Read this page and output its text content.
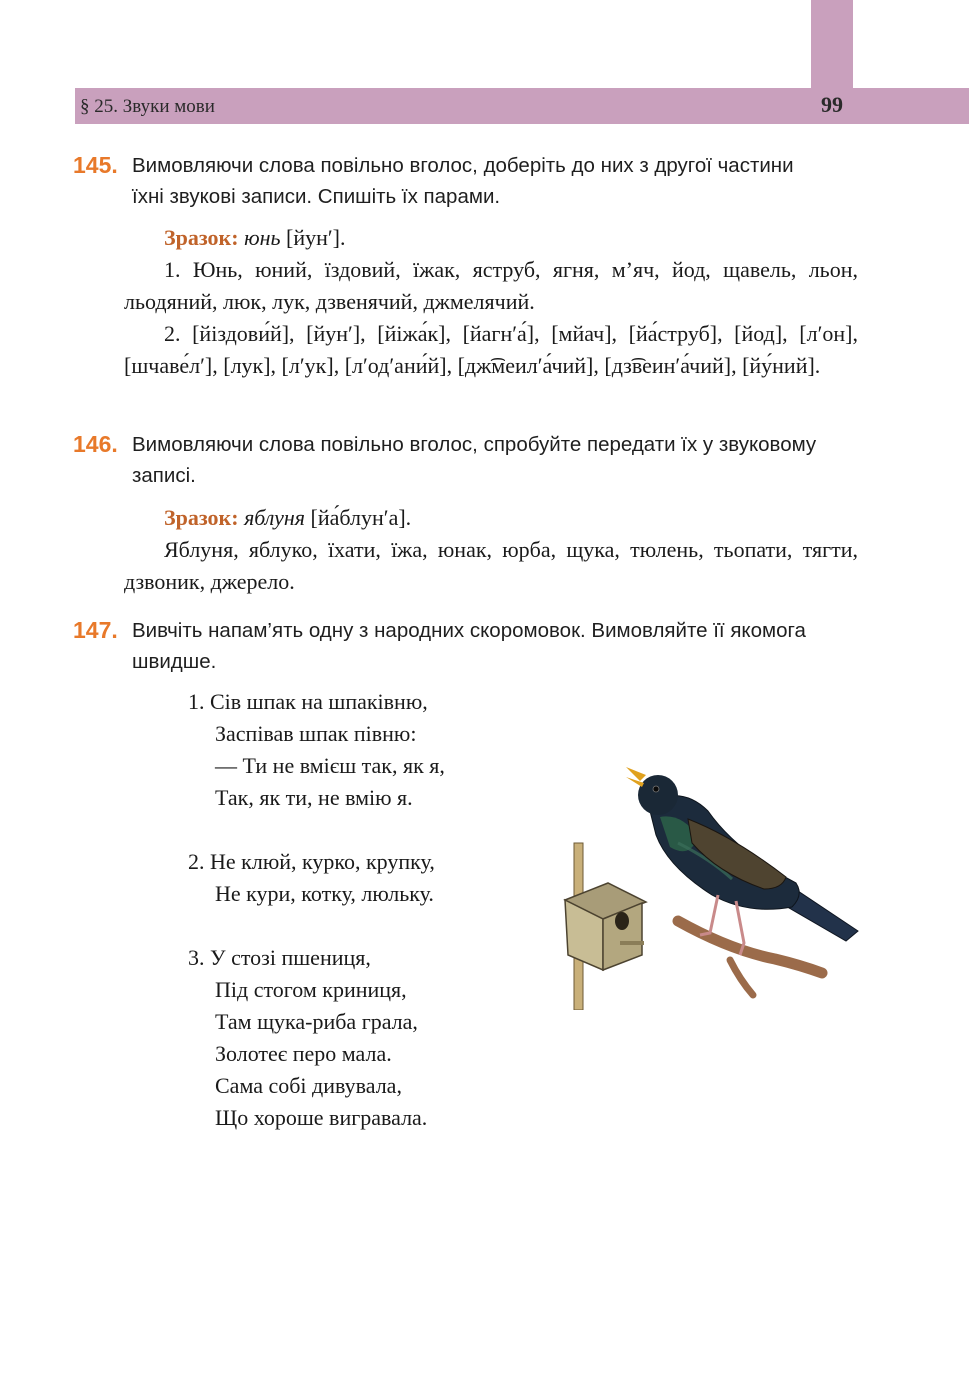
§ 25. Звуки мови	99
145. Вимовляючи слова повільно вголос, доберіть до них з другої частини
їхні звукові записи. Спишіть їх парами.
Зразок: юнь [йун′].
1. Юнь, юний, їздовий, їжак, яструб, ягня, м’яч, йод, щавель, льон, льодяний, люк, лук, дзвенячий, джмелячий.
2. [йіздови́й], [йун′], [йіжа́к], [йагн′а́], [мйач], [йа́струб], [йод], [л′он], [шчаве́л′], [лук], [л′ук], [л′од′ани́й], [дж͡меил′а́чий], [дз͡веин′а́чий], [йу́ний].
146. Вимовляючи слова повільно вголос, спробуйте передати їх у звуковому
записі.
Зразок: яблуня [йа́блун′а].
Яблуня, яблуко, їхати, їжа, юнак, юрба, щука, тюлень, тьопати, тягти, дзвоник, джерело.
147. Вивчіть напам’ять одну з народних скоромовок. Вимовляйте її якомога
швидше.
1. Сів шпак на шпаківню,
Заспівав шпак півню:
— Ти не вмієш так, як я,
Так, як ти, не вмію я.
2. Не клюй, курко, крупку,
Не кури, котку, люльку.
3. У стозі пшениця,
Під стогом криниця,
Там щука-риба грала,
Золотеє перо мала.
Сама собі дивувала,
Що хороше вигравала.
